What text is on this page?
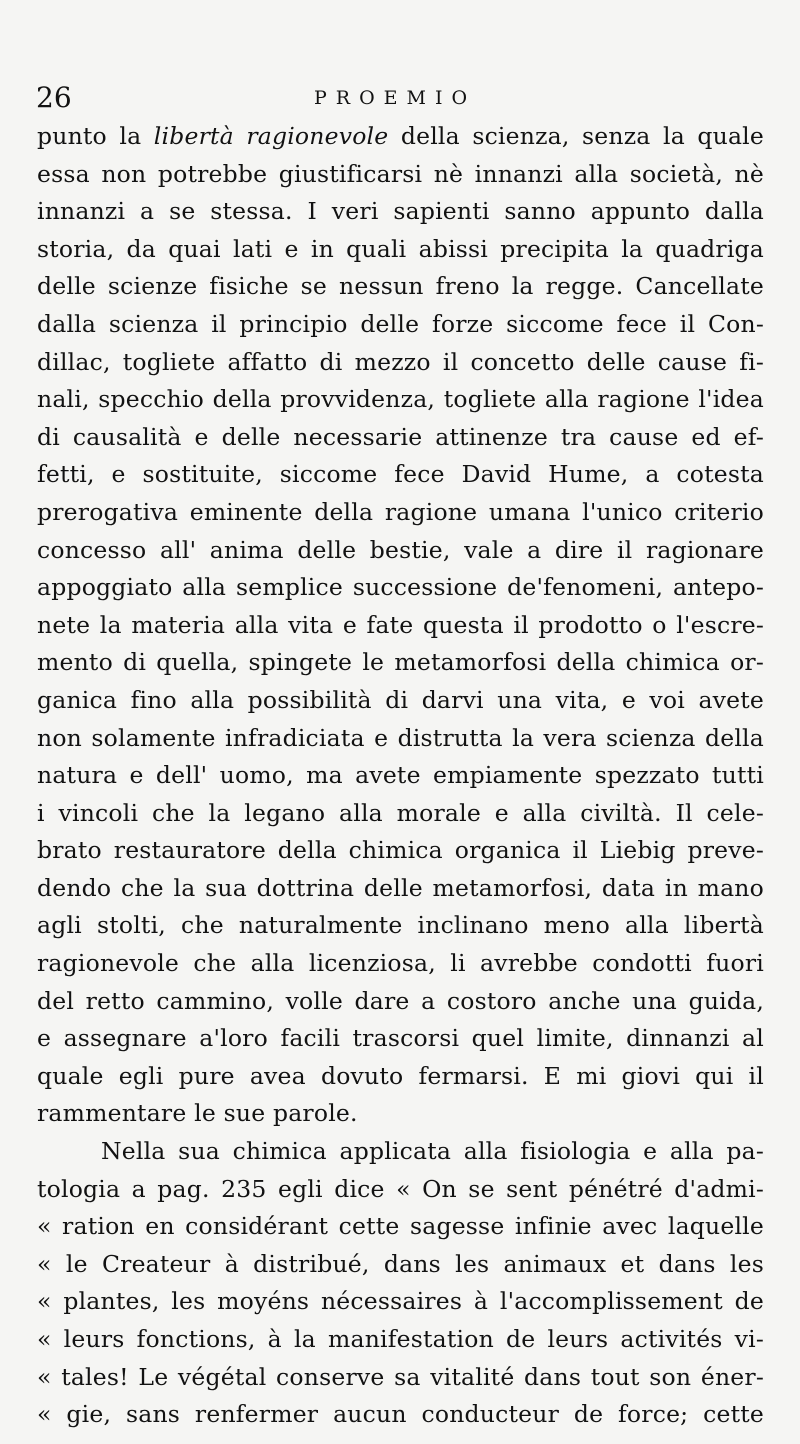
26	PROEMIO
punto la libertà ragionevole della scienza, senza la quale
essa non potrebbe giustificarsi nè innanzi alla società, nè
innanzi a se stessa. I veri sapienti sanno appunto dalla
storia, da quai lati e in quali abissi precipita la quadriga
delle scienze fisiche se nessun freno la regge. Cancellate
dalla scienza il principio delle forze siccome fece il Con-
dillac, togliete affatto di mezzo il concetto delle cause fi-
nali, specchio della provvidenza, togliete alla ragione l'idea
di causalità e delle necessarie attinenze tra cause ed ef-
fetti, e sostituite, siccome fece David Hume, a cotesta
prerogativa eminente della ragione umana l'unico criterio
concesso all' anima delle bestie, vale a dire il ragionare
appoggiato alla semplice successione de'fenomeni, antepo-
nete la materia alla vita e fate questa il prodotto o l'escre-
mento di quella, spingete le metamorfosi della chimica or-
ganica fino alla possibilità di darvi una vita, e voi avete
non solamente infradiciata e distrutta la vera scienza della
natura e dell' uomo, ma avete empiamente spezzato tutti
i vincoli che la legano alla morale e alla civiltà. Il cele-
brato restauratore della chimica organica il Liebig preve-
dendo che la sua dottrina delle metamorfosi, data in mano
agli stolti, che naturalmente inclinano meno alla libertà
ragionevole che alla licenziosa, li avrebbe condotti fuori
del retto cammino, volle dare a costoro anche una guida,
e assegnare a'loro facili trascorsi quel limite, dinnanzi al
quale egli pure avea dovuto fermarsi. E mi giovi qui il
rammentare le sue parole.
Nella sua chimica applicata alla fisiologia e alla pa-
tologia a pag. 235 egli dice « On se sent pénétré d'admi-
« ration en considérant cette sagesse infinie avec laquelle
« le Createur à distribué, dans les animaux et dans les
« plantes, les moyéns nécessaires à l'accomplissement de
« leurs fonctions, à la manifestation de leurs activités vi-
« tales! Le végétal conserve sa vitalité dans tout son éner-
« gie, sans renfermer aucun conducteur de force; cette
